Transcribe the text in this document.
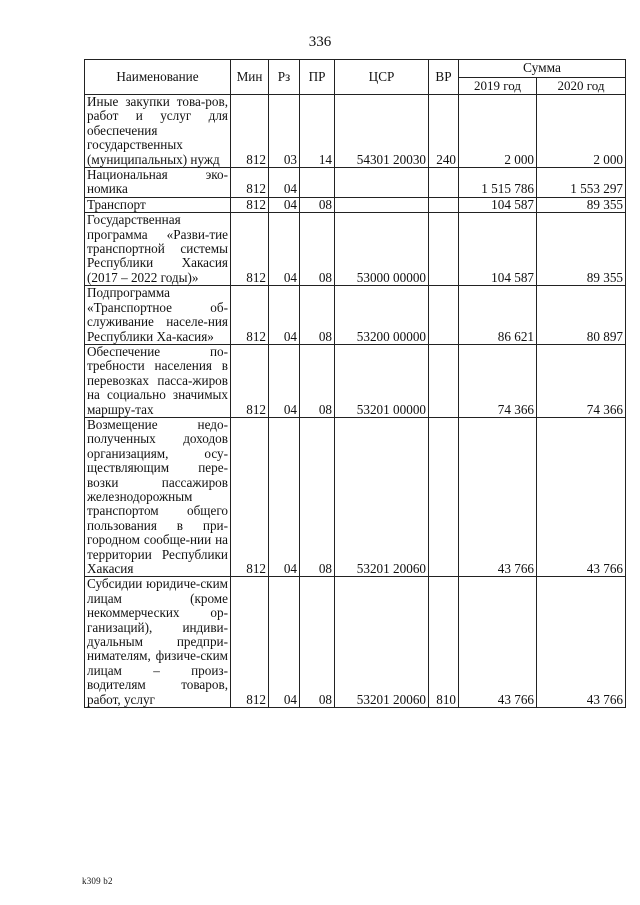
336
Наименование	Мин	Рз	ПР	ЦСР	ВР	Сумма	
						2019 год	2020 год
Иные закупки това-ров, работ и услуг для обеспечения государственных (муниципальных) нужд	812	03	14	54301 20030	240	2 000	2 000
Национальная эко-номика	812	04				1 515 786	1 553 297
Транспорт	812	04	08			104 587	89 355
Государственная программа «Разви-тие транспортной системы Республики Хакасия (2017 – 2022 годы)»	812	04	08	53000 00000		104 587	89 355
Подпрограмма «Транспортное об-служивание населе-ния Республики Ха-касия»	812	04	08	53200 00000		86 621	80 897
Обеспечение по-требности населения в перевозках пасса-жиров на социально значимых маршру-тах	812	04	08	53201 00000		74 366	74 366
Возмещение недо-полученных доходов организациям, осу-ществляющим пере-возки пассажиров железнодорожным транспортом общего пользования в при-городном сообще-нии на территории Республики Хакасия	812	04	08	53201 20060		43 766	43 766
Субсидии юридиче-ским лицам (кроме некоммерческих ор-ганизаций), индиви-дуальным предпри-нимателям, физиче-ским лицам – произ-водителям товаров, работ, услуг	812	04	08	53201 20060	810	43 766	43 766
k309 b2
